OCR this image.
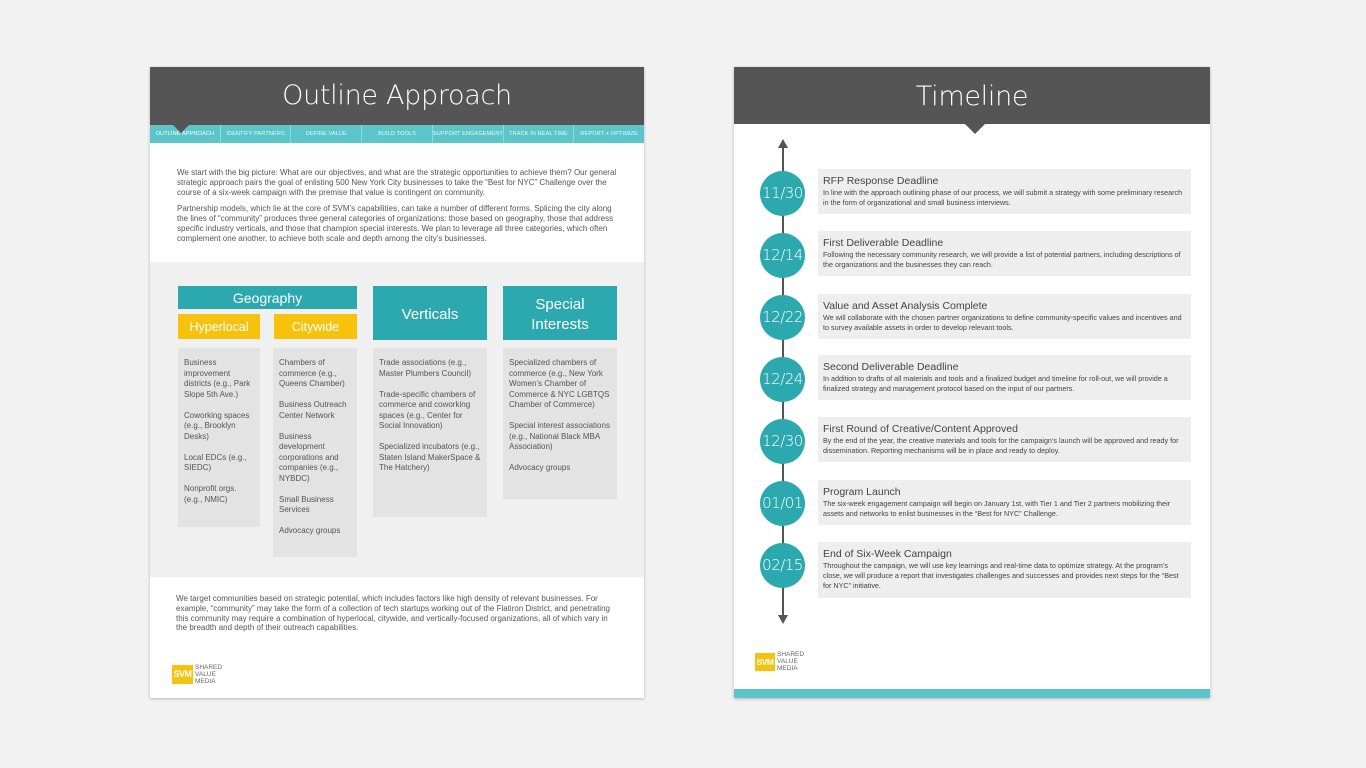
Outline Approach
OUTLINE APPROACH	IDENTIFY PARTNERS	DEFINE VALUE	BUILD TOOLS	SUPPORT ENGAGEMENT	TRACK IN REAL TIME	REPORT + OPTIMIZE

We start with the big picture: What are our objectives, and what are the strategic opportunities to achieve them? Our general strategic approach pairs the goal of enlisting 500 New York City businesses to take the “Best for NYC” Challenge over the course of a six-week campaign with the premise that value is contingent on community.

Partnership models, which lie at the core of SVM’s capabilities, can take a number of different forms. Splicing the city along the lines of “community” produces three general categories of organizations: those based on geography, those that address specific industry verticals, and those that champion special interests. We plan to leverage all three categories, which often complement one another, to achieve both scale and depth among the city’s businesses.

Geography
Hyperlocal	Citywide
Verticals
Special Interests
Business improvement districts (e.g., Park Slope 5th Ave.)
Coworking spaces (e.g., Brooklyn Desks)
Local EDCs (e.g., SIEDC)
Nonprofit orgs. (e.g., NMIC)
Chambers of commerce (e.g., Queens Chamber)
Business Outreach Center Network
Business development corporations and companies (e.g., NYBDC)
Small Business Services
Advocacy groups
Trade associations (e.g., Master Plumbers Council)
Trade-specific chambers of commerce and coworking spaces (e.g., Center for Social Innovation)
Specialized incubators (e.g., Staten Island MakerSpace & The Hatchery)
Specialized chambers of commerce (e.g., New York Women’s Chamber of Commerce & NYC LGBTQS Chamber of Commerce)
Special interest associations (e.g., National Black MBA Association)
Advocacy groups
We target communities based on strategic potential, which includes factors like high density of relevant businesses. For example, “community” may take the form of a collection of tech startups working out of the Flatiron District, and penetrating this community may require a combination of hyperlocal, citywide, and vertically-focused organizations, all of which vary in the breadth and depth of their outreach capabilities.
SVM
SHARED
VALUE
MEDIA
Timeline
11/30
RFP Response Deadline
In line with the approach outlining phase of our process, we will submit a strategy with some preliminary research in the form of organizational and small business interviews.
12/14
First Deliverable Deadline
Following the necessary community research, we will provide a list of potential partners, including descriptions of the organizations and the businesses they can reach.
12/22
Value and Asset Analysis Complete
We will collaborate with the chosen partner organizations to define community-specific values and incentives and to survey available assets in order to develop relevant tools.
12/24
Second Deliverable Deadline
In addition to drafts of all materials and tools and a finalized budget and timeline for roll-out, we will provide a finalized strategy and management protocol based on the input of our partners.
12/30
First Round of Creative/Content Approved
By the end of the year, the creative materials and tools for the campaign’s launch will be approved and ready for dissemination. Reporting mechanisms will be in place and ready to deploy.
01/01
Program Launch
The six-week engagement campaign will begin on January 1st, with Tier 1 and Tier 2 partners mobilizing their assets and networks to enlist businesses in the “Best for NYC” Challenge.
02/15
End of Six-Week Campaign
Throughout the campaign, we will use key learnings and real-time data to optimize strategy. At the program’s close, we will produce a report that investigates challenges and successes and provides next steps for the “Best for NYC” initiative.
SVM
SHARED
VALUE
MEDIA
